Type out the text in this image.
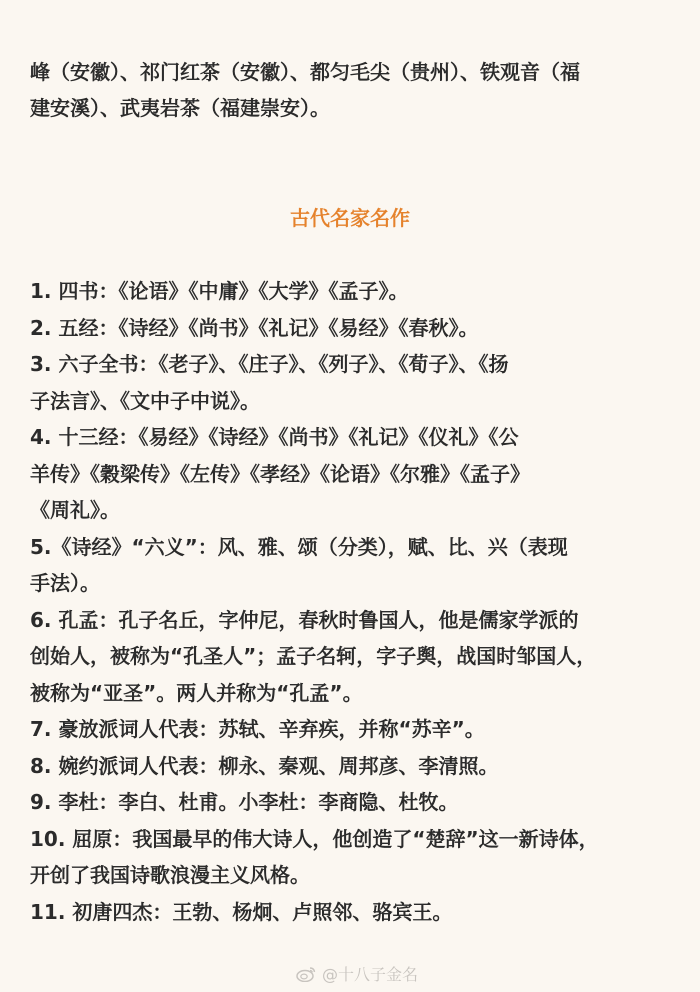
峰（安徽）、祁门红茶（安徽）、都匀毛尖（贵州）、铁观音（福
建安溪）、武夷岩茶（福建崇安）。
古代名家名作
1. 四书：《论语》《中庸》《大学》《孟子》。
2. 五经：《诗经》《尚书》《礼记》《易经》《春秋》。
3. 六子全书：《老子》、《庄子》、《列子》、《荀子》、《扬
子法言》、《文中子中说》。
4. 十三经：《易经》《诗经》《尚书》《礼记》《仪礼》《公
羊传》《穀梁传》《左传》《孝经》《论语》《尔雅》《孟子》
《周礼》。
5.《诗经》“六义”：风、雅、颂（分类），赋、比、兴（表现
手法）。
6. 孔孟：孔子名丘，字仲尼，春秋时鲁国人，他是儒家学派的
创始人，被称为“孔圣人”；孟子名轲，字子舆，战国时邹国人，
被称为“亚圣”。两人并称为“孔孟”。
7. 豪放派词人代表：苏轼、辛弃疾，并称“苏辛”。
8. 婉约派词人代表：柳永、秦观、周邦彦、李清照。
9. 李杜：李白、杜甫。小李杜：李商隐、杜牧。
10. 屈原：我国最早的伟大诗人，他创造了“楚辞”这一新诗体，
开创了我国诗歌浪漫主义风格。
11. 初唐四杰：王勃、杨炯、卢照邻、骆宾王。
@十八子金名
